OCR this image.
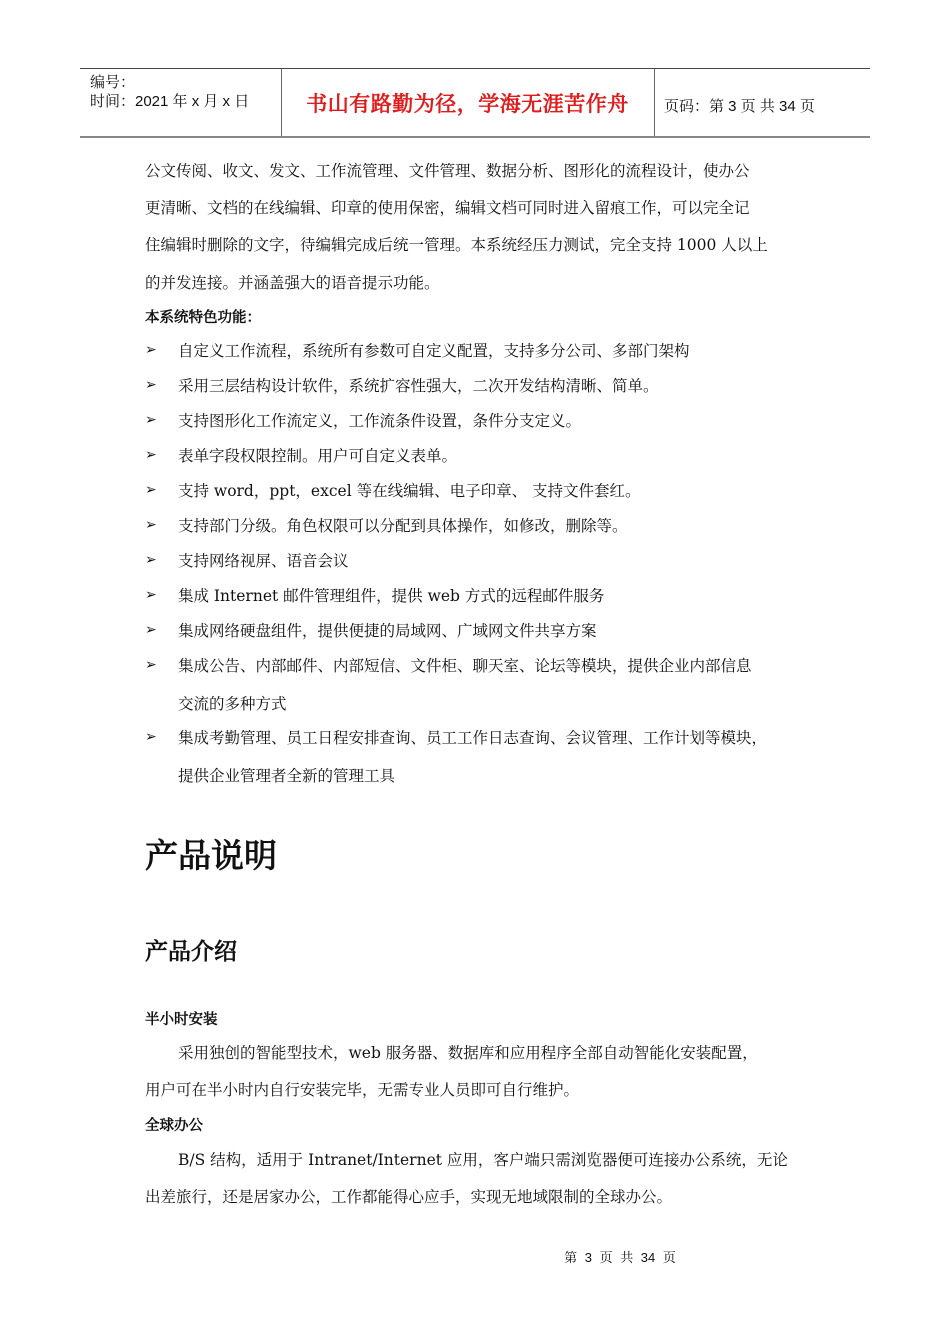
编号：
时间：2021 年 x 月 x 日	书山有路勤为径，学海无涯苦作舟	页码：第 3 页 共 34 页
公文传阅、收文、发文、工作流管理、文件管理、数据分析、图形化的流程设计，使办公
更清晰、文档的在线编辑、印章的使用保密，编辑文档可同时进入留痕工作，可以完全记
住编辑时删除的文字，待编辑完成后统一管理。本系统经压力测试，完全支持 1000 人以上
的并发连接。并涵盖强大的语音提示功能。
本系统特色功能：
➢ 自定义工作流程，系统所有参数可自定义配置，支持多分公司、多部门架构
➢ 采用三层结构设计软件，系统扩容性强大，二次开发结构清晰、简单。
➢ 支持图形化工作流定义，工作流条件设置，条件分支定义。
➢ 表单字段权限控制。用户可自定义表单。
➢ 支持 word，ppt，excel 等在线编辑、电子印章、 支持文件套红。
➢ 支持部门分级。角色权限可以分配到具体操作，如修改，删除等。
➢ 支持网络视屏、语音会议
➢ 集成 Internet 邮件管理组件，提供 web 方式的远程邮件服务
➢ 集成网络硬盘组件，提供便捷的局域网、广域网文件共享方案
➢ 集成公告、内部邮件、内部短信、文件柜、聊天室、论坛等模块，提供企业内部信息
交流的多种方式
➢ 集成考勤管理、员工日程安排查询、员工工作日志查询、会议管理、工作计划等模块，
提供企业管理者全新的管理工具
产品说明
产品介绍
半小时安装
采用独创的智能型技术，web 服务器、数据库和应用程序全部自动智能化安装配置，
用户可在半小时内自行安装完毕，无需专业人员即可自行维护。
全球办公
B/S 结构，适用于 Intranet/Internet 应用，客户端只需浏览器便可连接办公系统，无论
出差旅行，还是居家办公，工作都能得心应手，实现无地域限制的全球办公。
第 3 页 共 34 页
